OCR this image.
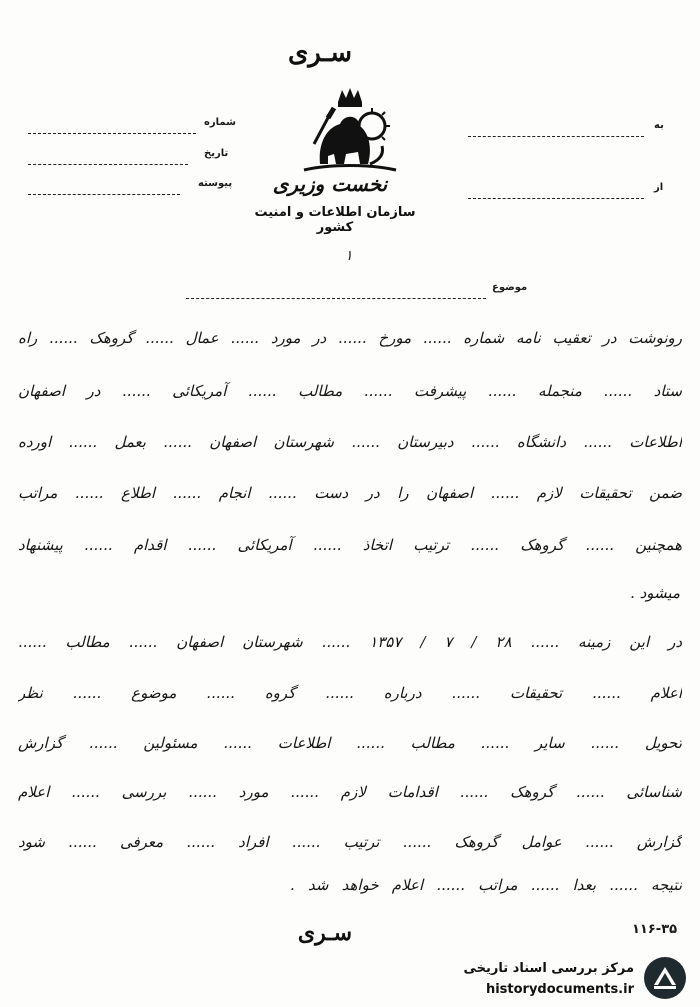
سـری
نخست وزیری
سازمان اطلاعات و امنیت کشور
۱
شماره
تاریخ
پیوسته
به
از
موضوع
رونوشت در تعقیب نامه شماره ...... مورخ ...... در مورد ...... عمال ...... گروهک ...... راه
ستاد ...... منجمله ...... پیشرفت ...... مطالب ...... آمریکائی ...... در اصفهان
اطلاعات ...... دانشگاه ...... دبیرستان ...... شهرستان اصفهان ...... بعمل ...... اورده
ضمن تحقیقات لازم ...... اصفهان را در دست ...... انجام ...... اطلاع ...... مراتب
همچنین ...... گروهک ...... ترتیب اتخاذ ...... آمریکائی ...... اقدام ...... پیشنهاد
میشود .
در این زمینه ...... ۲۸ / ۷ / ۱۳۵۷ ...... شهرستان اصفهان ...... مطالب ......
اعلام ...... تحقیقات ...... درباره ...... گروه ...... موضوع ...... نظر
تحویل ...... سایر ...... مطالب ...... اطلاعات ...... مسئولین ...... گزارش
شناسائی ...... گروهک ...... اقدامات لازم ...... مورد ...... بررسی ...... اعلام
گزارش ...... عوامل گروهک ...... ترتیب ...... افراد ...... معرفی ...... شود
نتیجه ...... بعدا ...... مراتب ...... اعلام خواهد شد .
۱۱۶-۳۵
سـری
مرکز بررسی اسناد تاریخی
historydocuments.ir
